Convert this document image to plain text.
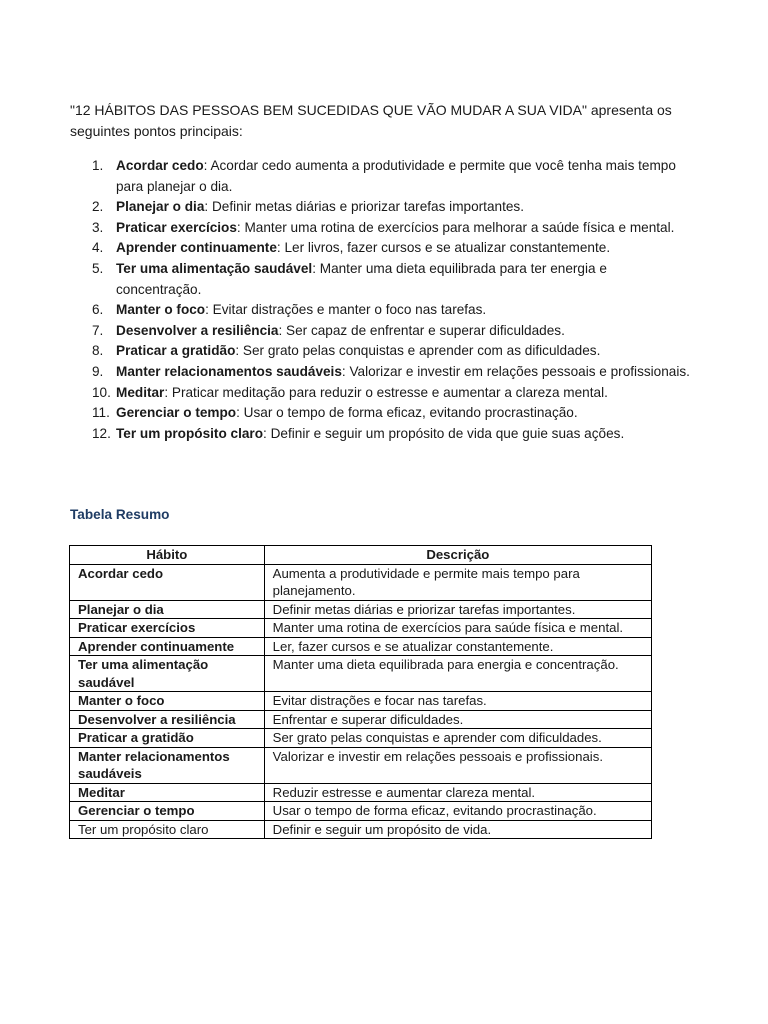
"12 HÁBITOS DAS PESSOAS BEM SUCEDIDAS QUE VÃO MUDAR A SUA VIDA" apresenta os seguintes pontos principais:

1. Acordar cedo: Acordar cedo aumenta a produtividade e permite que você tenha mais tempo para planejar o dia.
2. Planejar o dia: Definir metas diárias e priorizar tarefas importantes.
3. Praticar exercícios: Manter uma rotina de exercícios para melhorar a saúde física e mental.
4. Aprender continuamente: Ler livros, fazer cursos e se atualizar constantemente.
5. Ter uma alimentação saudável: Manter uma dieta equilibrada para ter energia e concentração.
6. Manter o foco: Evitar distrações e manter o foco nas tarefas.
7. Desenvolver a resiliência: Ser capaz de enfrentar e superar dificuldades.
8. Praticar a gratidão: Ser grato pelas conquistas e aprender com as dificuldades.
9. Manter relacionamentos saudáveis: Valorizar e investir em relações pessoais e profissionais.
10. Meditar: Praticar meditação para reduzir o estresse e aumentar a clareza mental.
11. Gerenciar o tempo: Usar o tempo de forma eficaz, evitando procrastinação.
12. Ter um propósito claro: Definir e seguir um propósito de vida que guie suas ações.
Tabela Resumo
Hábito	Descrição
Acordar cedo	Aumenta a produtividade e permite mais tempo para planejamento.
Planejar o dia	Definir metas diárias e priorizar tarefas importantes.
Praticar exercícios	Manter uma rotina de exercícios para saúde física e mental.
Aprender continuamente	Ler, fazer cursos e se atualizar constantemente.
Ter uma alimentação saudável	Manter uma dieta equilibrada para energia e concentração.
Manter o foco	Evitar distrações e focar nas tarefas.
Desenvolver a resiliência	Enfrentar e superar dificuldades.
Praticar a gratidão	Ser grato pelas conquistas e aprender com dificuldades.
Manter relacionamentos saudáveis	Valorizar e investir em relações pessoais e profissionais.
Meditar	Reduzir estresse e aumentar clareza mental.
Gerenciar o tempo	Usar o tempo de forma eficaz, evitando procrastinação.
Ter um propósito claro	Definir e seguir um propósito de vida.
